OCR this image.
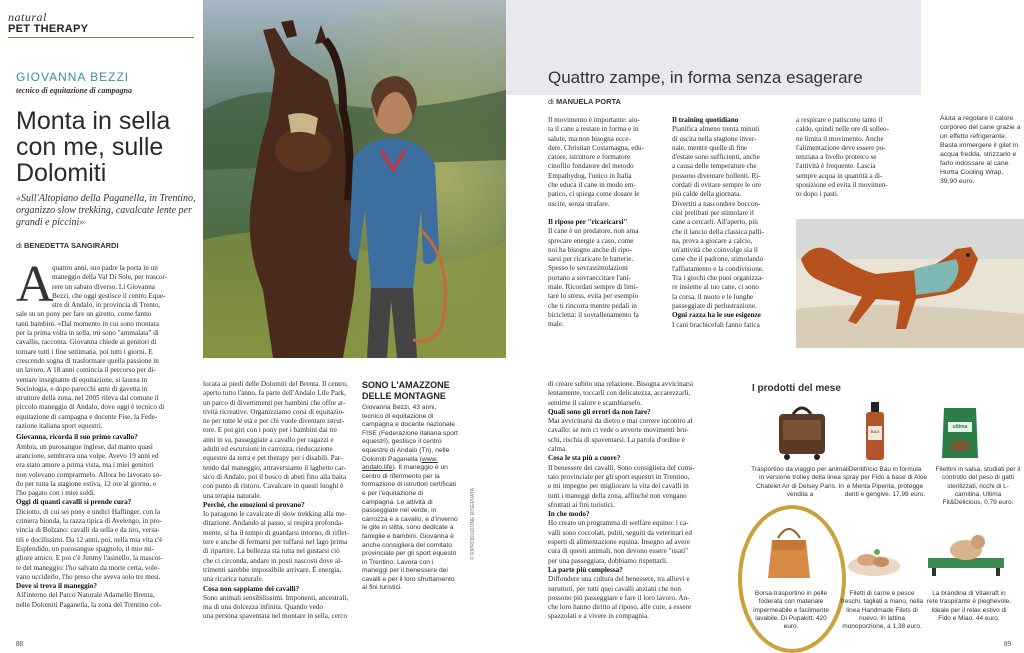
natural
PET THERAPY
GIOVANNA BEZZI
tecnico di equitazione di campagna
Monta in sella con me, sulle Dolomiti
«Sull'Altopiano della Paganella, in Trentino, organizzo slow trekking, cavalcate lente per grandi e piccini»
di BENEDETTA SANGIRARDI
A
quattro anni, suo padre la porta in un
maneggio della Val Di Sole, per trascor-
rere un sabato diverso. Li Giovanna
Bezzi, che oggi gestisce il centro Eque-
stre di Andalo, in provincia di Trento,
sale su un pony per fare un giretto, come fanno
tanti bambini. «Dal momento in cui sono montata
per la prima volta in sella, mi sono "ammalata" di
cavallis, racconta. Giovanna chiede ai genitori di
tornare tutti i fine settimana, poi tutti i giorni. E
crescendo sogna di trasformare quella passione in
un lavoro. A 18 anni comincia il percorso per di-
ventare insegnante di equitazione, si laurea in
Sociologia, e dopo parecchi anni di gavetta in
strutture della zona, nel 2005 rileva dal comune il
piccolo maneggio di Andalo, dove oggi è tecnico di
equitazione di campagna e docente Fise, la Fede-
razione italiana sport equestri.
Giovanna, ricorda il suo primo cavallo?
Ambra, un purosangue inglese, dal manto quasi
arancione, sembrava una volpe. Avevo 19 anni ed
era stato amore a prima vista, ma i miei genitori
non volevano comprarmelo. Allora ho lavorato so-
do per tutta la stagione estiva, 12 ore al giorno, e
l'ho pagato con i miei soldi.
Oggi di quanti cavalli si prende cura?
Diciotto, di cui sei pony e undici Haflinger, con la
criniera bionda, la razza tipica di Avelengo, in pro-
vincia di Bolzano: cavalli da sella e da tiro, versa-
tili e docilissimi. Da 12 anni, poi, nella mia vita c'è
Esplendido, un purosangue spagnolo, il mio mi-
gliore amico. E poi c'è Jimmy l'asinello, la mascot-
te del maneggio: l'ho salvato da morte certa, vole-
vano ucciderlo, l'ho preso che aveva solo tre mesi.
Dove si trova il maneggio?
All'interno del Parco Naturale Adamello Brenta,
nelle Dolomiti Paganella, la zona del Trentino col-
locata ai piedi delle Dolomiti del Brenta. Il centro,
aperto tutto l'anno, fa parte dell'Andalo Life Park,
un parco di divertimenti per bambini che offre at-
tività ricreative. Organizziamo corsi di equitazio-
ne per tutte le età e per chi vuole diventare istrut-
tore. E poi giri con i pony per i bambini dai tre
anni in su, passeggiate a cavallo per ragazzi e
adulti ed escursioni in carrozza, rieducazione
equestre da terra e pet therapy per i disabili. Par-
tendo dal maneggio, attraversiamo il laghetto car-
sico di Andalo, poi il bosco di abeti fino alla baita
con punto di ristoro. Cavalcare in questi luoghi è
una terapia naturale.
Perché, che emozioni si provano?
Io paragono le cavalcate di slow trekking alla me-
ditazione. Andando al passo, si respira profonda-
mente, si ha il tempo di guardarsi intorno, di riflet-
tere e anche di fermarsi per tuffarsi nel lago prima
di ripartire. La bellezza sta tutta nel gustarsi ciò
che ci circonda, andare in posti nascosti dove al-
trimenti sarebbe impossibile arrivare. È energia,
una ricarica naturale.
Cosa non sappiamo dei cavalli?
Sono animali sensibilissimi. Imponenti, ancestrali,
ma di una dolcezza infinita. Quando vedo
una persona spaventata nel montare in sella, cerco
SONO L'AMAZZONE DELLE MONTAGNE
Giovanna Bezzi, 43 anni, tecnico di equitazione di campagna e docente nazionale FISE (Federazione italiana sport equestri), gestisce il centro equestre di Andalo (Tn), nelle Dolomiti Paganella (www. andalo.life). Il maneggio è un centro di riferimento per la formazione di istruttori certificati e per l'equitazione di campagna. Le attività di passeggiate nel verde, in carrozza e a cavallo, e d'inverno le gite in slitta, sono dedicate a famiglie e bambini. Giovanna è anche consigliera del comitato provinciale per gli sport equestri in Trentino. Lavora con i maneggi per il benessere dei cavalli e per il loro sfruttamento ai fini turistici.
© RIPRODUZIONE RISERVATA
di creare subito una relazione. Bisogna avvicinarsi
lentamente, toccarli con delicatezza, accarezzarli,
sentirne il calore e scambiarselo.
Quali sono gli errori da non fare?
Mai avvicinarsi da dietro e mai correre incontro al
cavallo: se non ci vede o avverte movimenti bru-
schi, rischia di spaventarsi. La parola d'ordine è
calma.
Cosa le sta più a cuore?
Il benessere dei cavalli. Sono consigliera del comi-
tato provinciale per gli sport equestri in Trentino,
e mi impegno per migliorare la vita dei cavalli in
tutti i maneggi della zona, affinché non vengano
sfruttati ai fini turistici.
In che modo?
Ho creato un programma di welfare equino: i ca-
valli sono coccolati, puliti, seguiti da veterinari ed
esperti di alimentazione equina. Insegno ad avere
cura di questi animali, non devono essere "usati"
per una passeggiata, dobbiamo rispettarli.
La parte più complessa?
Diffondere una cultura del benessere, tra allievi e
istruttori, per tutti quei cavalli anziani che non
possono più passeggiare e fare il loro lavoro. An-
che loro hanno diritto al riposo, alle cure, a essere
spazzolati e a vivere in compagnia.
88
Quattro zampe, in forma senza esagerare
di MANUELA PORTA
Il movimento è importante: aiu-
ta il cane a restare in forma e in
salute, ma non bisogna ecce-
dere. Christian Costamagna, edu-
catore, istruttore e formatore
cinofilo fondatore del metodo
Empathydog, l'unico in Italia
che educa il cane in modo em-
patico, ci spiega come dosare le
uscite, senza strafare.
Il riposo per "ricaricarsi"
Il cane è un predatore, non ama
sprecare energie a caso, come
noi ha bisogno anche di ripo-
sarsi per ricaricare le batterie.
Spesso le sovrastimolazioni
portano a sovraeccitare l'ani-
male. Ricordati sempre di limi-
tare lo stress, evita per esempio
che ti rincorra mentre pedali in
bicicletta: il sovrallenamento fa
male.
Il training quotidiano
Pianifica almeno trenta minuti
di uscita nella stagione inver-
nale, mentre quelle di fine
d'estate sono sufficienti, anche
a causa delle temperature che
possono diventare bollenti. Ri-
cordati di evitare sempre le ore
più calde della giornata.
Divertiti a nascondere boccon-
cini prelibati per stimolare il
cane a cercarli. All'aperto, più
che il lancio della classica palli-
na, prova a giocare a calcio,
un'attività che coinvolge sia il
cane che il padrone, stimolando
l'affiatamento e la condivisione.
Tra i giochi che puoi organizza-
re insieme al tuo cane, ci sono
la corsa, il nuoto e le lunghe
passeggiate di perlustrazione.
Ogni razza ha le sue esigenze
I cani brachicefali fanno fatica
a respirare e patiscono tanto il
caldo, quindi nelle ore di solleo-
ne limita il movimento. Anche
l'alimentazione deve essere po-
tenziata a livello proteico se
l'attività è frequente. Lascia
sempre acqua in quantità a di-
sposizione ed evita il movimen-
to dopo i pasti.
Aiuta a regolare il calore corporeo del cane grazie a un effetto refrigerante. Basta immergere il gilet in acqua fredda, strizzarlo e farlo indossare al cane. Hurtta Cooling Wrap, 39,90 euro.
I prodotti del mese
BAU
ultima
Trasportino da viaggio per animali in versione trolley della linea Chatelet Air di Delsey Paris. In vendita a
Dentifricio Bau in formula spray per Fido a base di Aloe e Menta Piperita, protegge denti e gengive. 17,99 euro.
Filettini in salsa, studiati per il controllo del peso di gatti sterilizzati, ricchi di L-carnitina. Ultima Fit&Delicious, 0,79 euro.
Borsa-trasportino in pelle foderata con materiale impermeabile e facilmente lavabile. Di Pupakitt, 420 euro.
Filetti di carne e pesce freschi, tagliati a mano, nella linea Handmade Filets di nuevo. In lattina monoporzione, a 1,38 euro.
La brandina di Vitakraft in rete traspirante è pieghevole. Ideale per il relax estivo di Fido e Miao. 44 euro.
89
